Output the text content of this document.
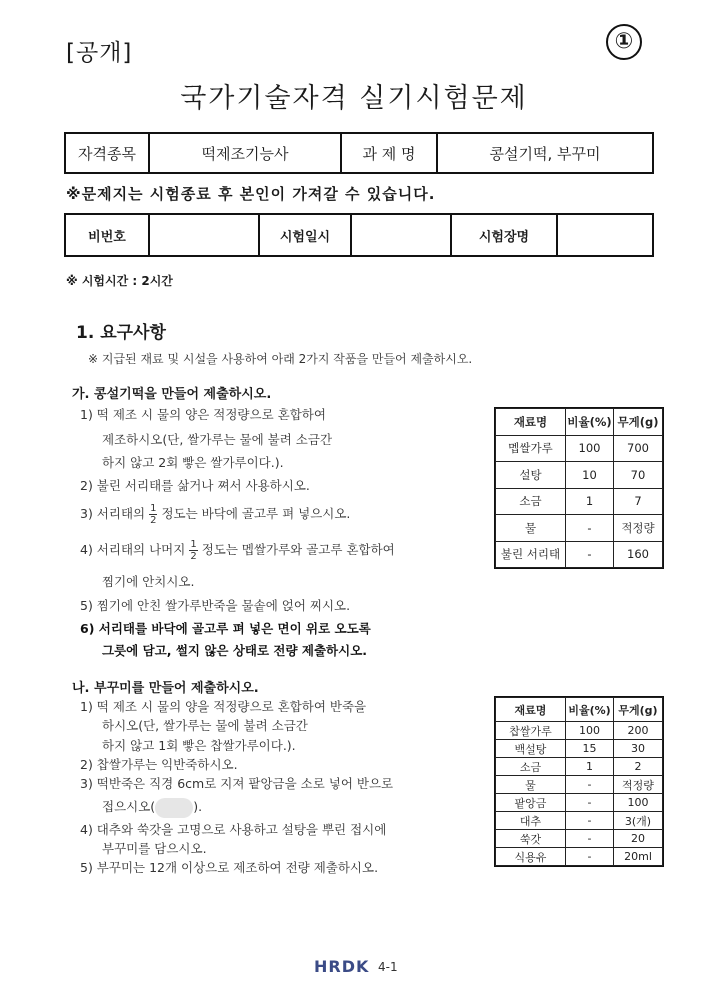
[공개]	①
국가기술자격 실기시험문제
자격종목	떡제조기능사	과 제 명	콩설기떡, 부꾸미
※문제지는 시험종료 후 본인이 가져갈 수 있습니다.
비번호		시험일시		시험장명	
※ 시험시간 : 2시간
1. 요구사항
※ 지급된 재료 및 시설을 사용하여 아래 2가지 작품을 만들어 제출하시오.
가. 콩설기떡을 만들어 제출하시오.
1) 떡 제조 시 물의 양은 적정량으로 혼합하여
제조하시오(단, 쌀가루는 물에 불려 소금간
하지 않고 2회 빻은 쌀가루이다.).
2) 불린 서리태를 삶거나 쪄서 사용하시오.
3) 서리태의 $\frac{1}{2}$ 정도는 바닥에 골고루 펴 넣으시오.
4) 서리태의 나머지 $\frac{1}{2}$ 정도는 멥쌀가루와 골고루 혼합하여
찜기에 안치시오.
5) 찜기에 안친 쌀가루반죽을 물솥에 얹어 찌시오.
6) 서리태를 바닥에 골고루 펴 넣은 면이 위로 오도록
그릇에 담고, 썰지 않은 상태로 전량 제출하시오.
재료명	비율(%)	무게(g)
멥쌀가루	100	700
설탕	10	70
소금	1	7
물	-	적정량
불린 서리태	-	160
나. 부꾸미를 만들어 제출하시오.
1) 떡 제조 시 물의 양을 적정량으로 혼합하여 반죽을
하시오(단, 쌀가루는 물에 불려 소금간
하지 않고 1회 빻은 찹쌀가루이다.).
2) 찹쌀가루는 익반죽하시오.
3) 떡반죽은 직경 6cm로 지져 팥앙금을 소로 넣어 반으로
접으시오(	).
4) 대추와 쑥갓을 고명으로 사용하고 설탕을 뿌린 접시에
부꾸미를 담으시오.
5) 부꾸미는 12개 이상으로 제조하여 전량 제출하시오.
재료명	비율(%)	무게(g)
찹쌀가루	100	200
백설탕	15	30
소금	1	2
물	-	적정량
팥앙금	-	100
대추	-	3(개)
쑥갓	-	20
식용유	-	20ml
HRDK 4-1
